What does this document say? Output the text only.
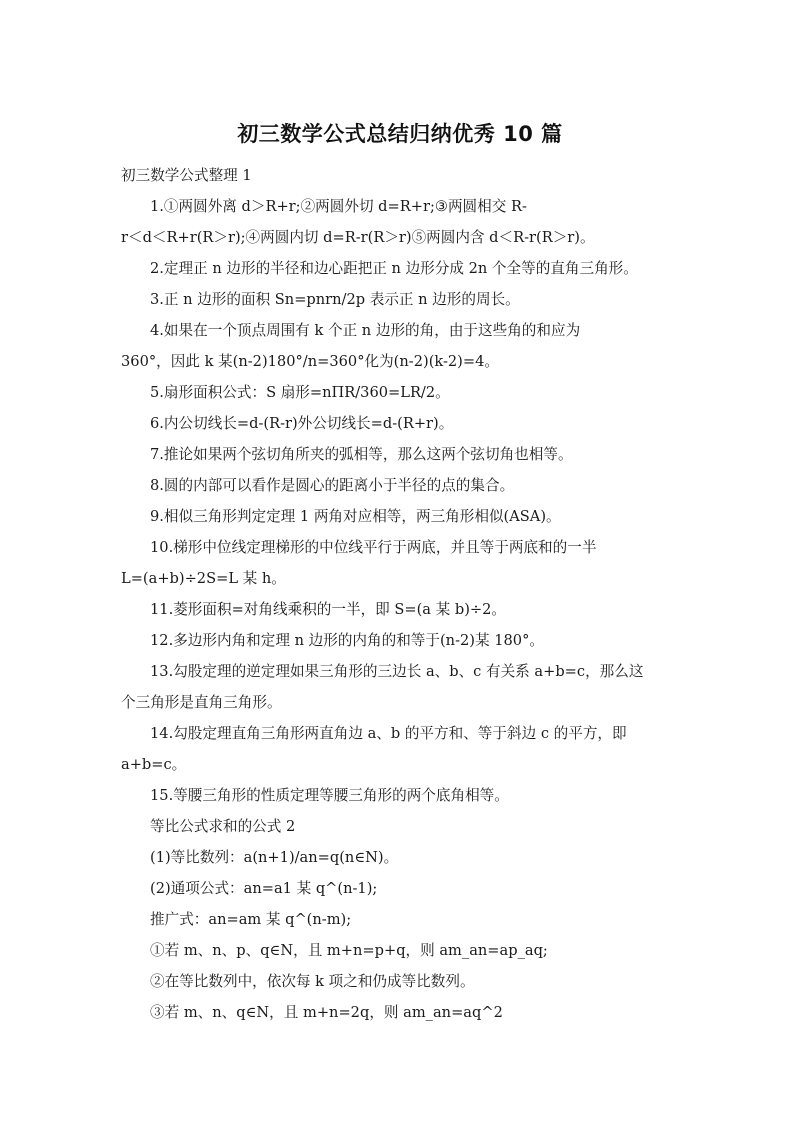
初三数学公式总结归纳优秀 10 篇

初三数学公式整理 1

1.①两圆外离 d＞R+r;②两圆外切 d=R+r;③两圆相交 R-

r＜d＜R+r(R＞r);④两圆内切 d=R-r(R＞r)⑤两圆内含 d＜R-r(R＞r)。

2.定理正 n 边形的半径和边心距把正 n 边形分成 2n 个全等的直角三角形。

3.正 n 边形的面积 Sn=pnrn/2p 表示正 n 边形的周长。

4.如果在一个顶点周围有 k 个正 n 边形的角，由于这些角的和应为

360°，因此 k 某(n-2)180°/n=360°化为(n-2)(k-2)=4。

5.扇形面积公式：S 扇形=nΠR/360=LR/2。

6.内公切线长=d-(R-r)外公切线长=d-(R+r)。

7.推论如果两个弦切角所夹的弧相等，那么这两个弦切角也相等。

8.圆的内部可以看作是圆心的距离小于半径的点的集合。

9.相似三角形判定定理 1 两角对应相等，两三角形相似(ASA)。

10.梯形中位线定理梯形的中位线平行于两底，并且等于两底和的一半

L=(a+b)÷2S=L 某 h。

11.菱形面积=对角线乘积的一半，即 S=(a 某 b)÷2。

12.多边形内角和定理 n 边形的内角的和等于(n-2)某 180°。

13.勾股定理的逆定理如果三角形的三边长 a、b、c 有关系 a+b=c，那么这

个三角形是直角三角形。

14.勾股定理直角三角形两直角边 a、b 的平方和、等于斜边 c 的平方，即

a+b=c。

15.等腰三角形的性质定理等腰三角形的两个底角相等。

等比公式求和的公式 2

(1)等比数列：a(n+1)/an=q(n∈N)。

(2)通项公式：an=a1 某 q^(n-1);

推广式：an=am 某 q^(n-m);

①若 m、n、p、q∈N，且 m+n=p+q，则 am_an=ap_aq;

②在等比数列中，依次每 k 项之和仍成等比数列。

③若 m、n、q∈N，且 m+n=2q，则 am_an=aq^2
